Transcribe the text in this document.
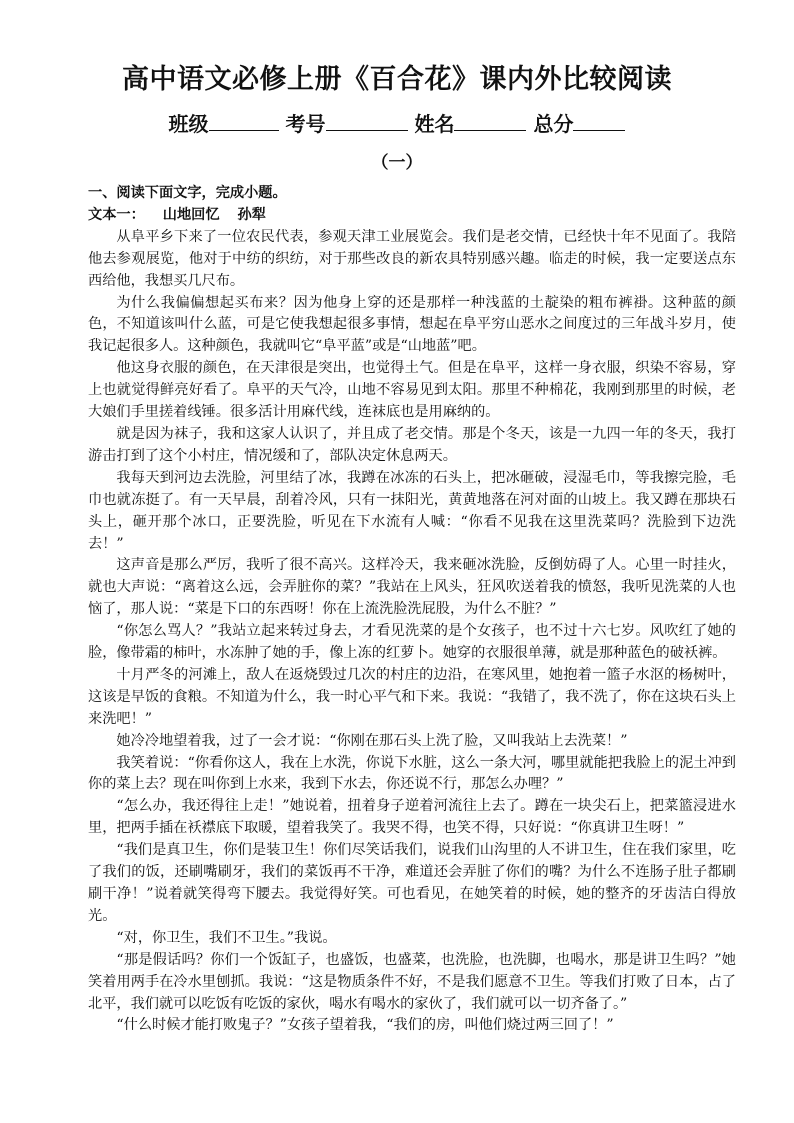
高中语文必修上册《百合花》课内外比较阅读
班级	考号	姓名	总分
（一）

一、阅读下面文字，完成小题。

文本一： 山地回忆 孙犁

从阜平乡下来了一位农民代表，参观天津工业展览会。我们是老交情，已经快十年不见面了。我陪他去参观展览，他对于中纺的织纺，对于那些改良的新农具特别感兴趣。临走的时候，我一定要送点东西给他，我想买几尺布。

为什么我偏偏想起买布来？因为他身上穿的还是那样一种浅蓝的土靛染的粗布裤褂。这种蓝的颜色，不知道该叫什么蓝，可是它使我想起很多事情，想起在阜平穷山恶水之间度过的三年战斗岁月，使我记起很多人。这种颜色，我就叫它“阜平蓝”或是“山地蓝”吧。

他这身衣服的颜色，在天津很是突出，也觉得土气。但是在阜平，这样一身衣服，织染不容易，穿上也就觉得鲜亮好看了。阜平的天气冷，山地不容易见到太阳。那里不种棉花，我刚到那里的时候，老大娘们手里搓着线锤。很多活计用麻代线，连袜底也是用麻纳的。

就是因为袜子，我和这家人认识了，并且成了老交情。那是个冬天，该是一九四一年的冬天，我打游击打到了这个小村庄，情况缓和了，部队决定休息两天。

我每天到河边去洗脸，河里结了冰，我蹲在冰冻的石头上，把冰砸破，浸湿毛巾，等我擦完脸，毛巾也就冻挺了。有一天早晨，刮着冷风，只有一抹阳光，黄黄地落在河对面的山坡上。我又蹲在那块石头上，砸开那个冰口，正要洗脸，听见在下水流有人喊：“你看不见我在这里洗菜吗？洗脸到下边洗去！”

这声音是那么严厉，我听了很不高兴。这样冷天，我来砸冰洗脸，反倒妨碍了人。心里一时挂火，就也大声说：“离着这么远，会弄脏你的菜？”我站在上风头，狂风吹送着我的愤怒，我听见洗菜的人也恼了，那人说：“菜是下口的东西呀！你在上流洗脸洗屁股，为什么不脏？”

“你怎么骂人？”我站立起来转过身去，才看见洗菜的是个女孩子，也不过十六七岁。风吹红了她的脸，像带霜的柿叶，水冻肿了她的手，像上冻的红萝卜。她穿的衣服很单薄，就是那种蓝色的破袄裤。

十月严冬的河滩上，敌人在返烧毁过几次的村庄的边沿，在寒风里，她抱着一篮子水沤的杨树叶，这该是早饭的食粮。不知道为什么，我一时心平气和下来。我说：“我错了，我不洗了，你在这块石头上来洗吧！”

她冷冷地望着我，过了一会才说：“你刚在那石头上洗了脸，又叫我站上去洗菜！”

我笑着说：“你看你这人，我在上水洗，你说下水脏，这么一条大河，哪里就能把我脸上的泥土冲到你的菜上去？现在叫你到上水来，我到下水去，你还说不行，那怎么办哩？”

“怎么办，我还得往上走！”她说着，扭着身子逆着河流往上去了。蹲在一块尖石上，把菜篮浸进水里，把两手插在袄襟底下取暖，望着我笑了。我哭不得，也笑不得，只好说：“你真讲卫生呀！”

“我们是真卫生，你们是装卫生！你们尽笑话我们，说我们山沟里的人不讲卫生，住在我们家里，吃了我们的饭，还刷嘴刷牙，我们的菜饭再不干净，难道还会弄脏了你们的嘴？为什么不连肠子肚子都刷刷干净！”说着就笑得弯下腰去。我觉得好笑。可也看见，在她笑着的时候，她的整齐的牙齿洁白得放光。

“对，你卫生，我们不卫生。”我说。

“那是假话吗？你们一个饭缸子，也盛饭，也盛菜，也洗脸，也洗脚，也喝水，那是讲卫生吗？”她笑着用两手在冷水里刨抓。我说：“这是物质条件不好，不是我们愿意不卫生。等我们打败了日本，占了北平，我们就可以吃饭有吃饭的家伙，喝水有喝水的家伙了，我们就可以一切齐备了。”

“什么时候才能打败鬼子？”女孩子望着我，“我们的房，叫他们烧过两三回了！”
